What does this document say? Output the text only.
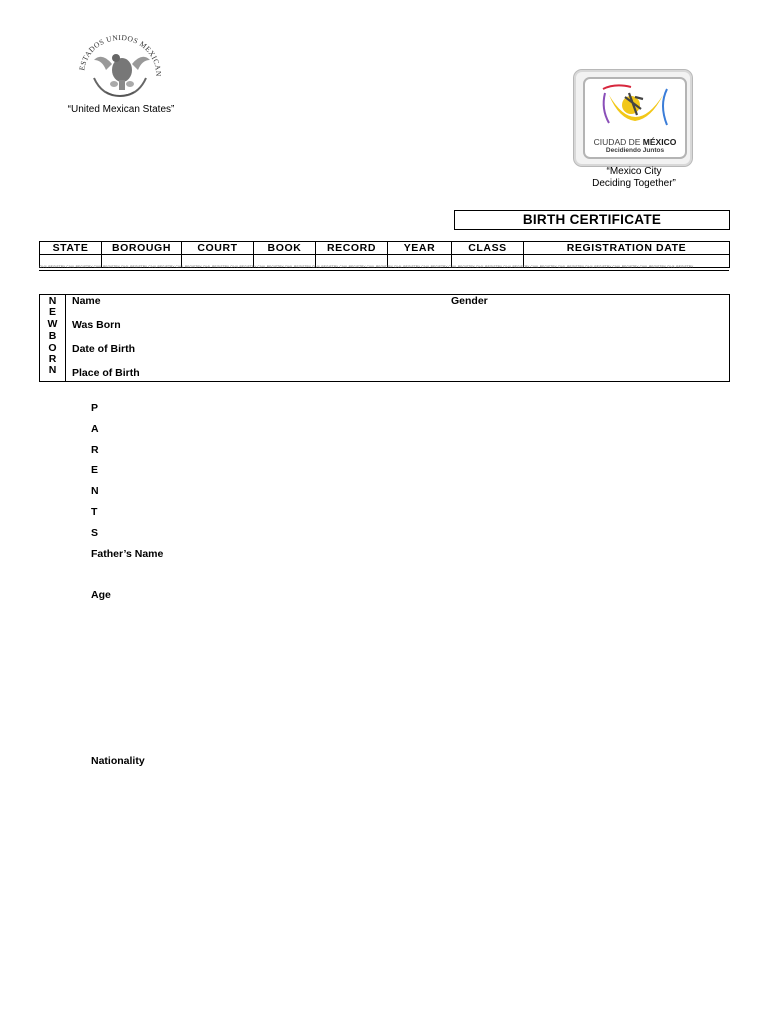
ESTADOS UNIDOS MEXICAN
“United Mexican States”
CIUDAD DE MÉXICO
Decidiendo Juntos
“Mexico City
Deciding Together”
BIRTH CERTIFICATE
STATE	BOROUGH	COURT	BOOK	RECORD	YEAR	CLASS	REGISTRATION DATE

CIVIL REGISTRY CIVIL REGISTRY CIVIL REGISTRY CIVIL REGISTRY CIVIL REGISTRY CIVIL REGISTRY CIVIL REGISTRY CIVIL REGISTRY CIVIL REGISTRY CIVIL REGISTRY CIVIL REGISTRY CIVIL REGISTRY CIVIL REGISTRY CIVIL REGISTRY CIVIL REGISTRY CIVIL REGISTRY CIVIL REGISTRY CIVIL REGISTRY CIVIL REGISTRY CIVIL REGISTRY CIVIL REGISTRY CIVIL REGISTRY CIVIL REGISTRY CIVIL REGISTRY
N
E
W
B
O
R
N
Name	Gender
Was Born
Date of Birth
Place of Birth
P
A
R
E
N
T
S
Father’s Name
Age
Nationality
